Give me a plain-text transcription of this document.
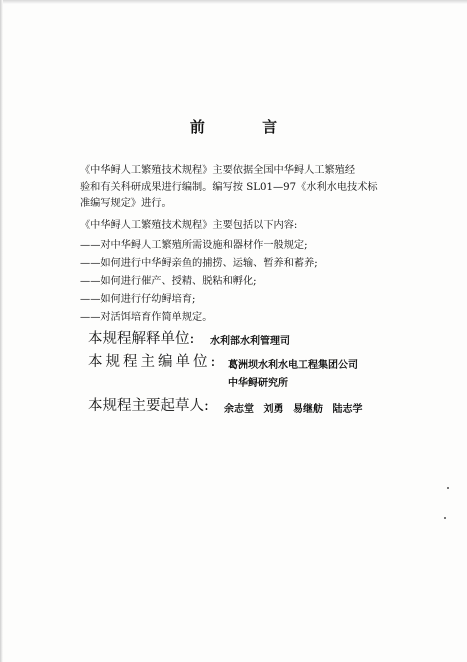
前 言
《中华鲟人工繁殖技术规程》主要依据全国中华鲟人工繁殖经
验和有关科研成果进行编制。编写按 SL01—97《水利水电技术标
准编写规定》进行。
《中华鲟人工繁殖技术规程》主要包括以下内容:
——对中华鲟人工繁殖所需设施和器材作一般规定;
——如何进行中华鲟亲鱼的捕捞、运输、暂养和蓄养;
——如何进行催产、授精、脱粘和孵化;
——如何进行仔幼鲟培育;
——对活饵培育作简单规定。
本规程解释单位: 水利部水利管理司
本规程主编单位: 葛洲坝水利水电工程集团公司
中华鲟研究所
本规程主要起草人: 余志堂 刘勇 易继舫 陆志学
